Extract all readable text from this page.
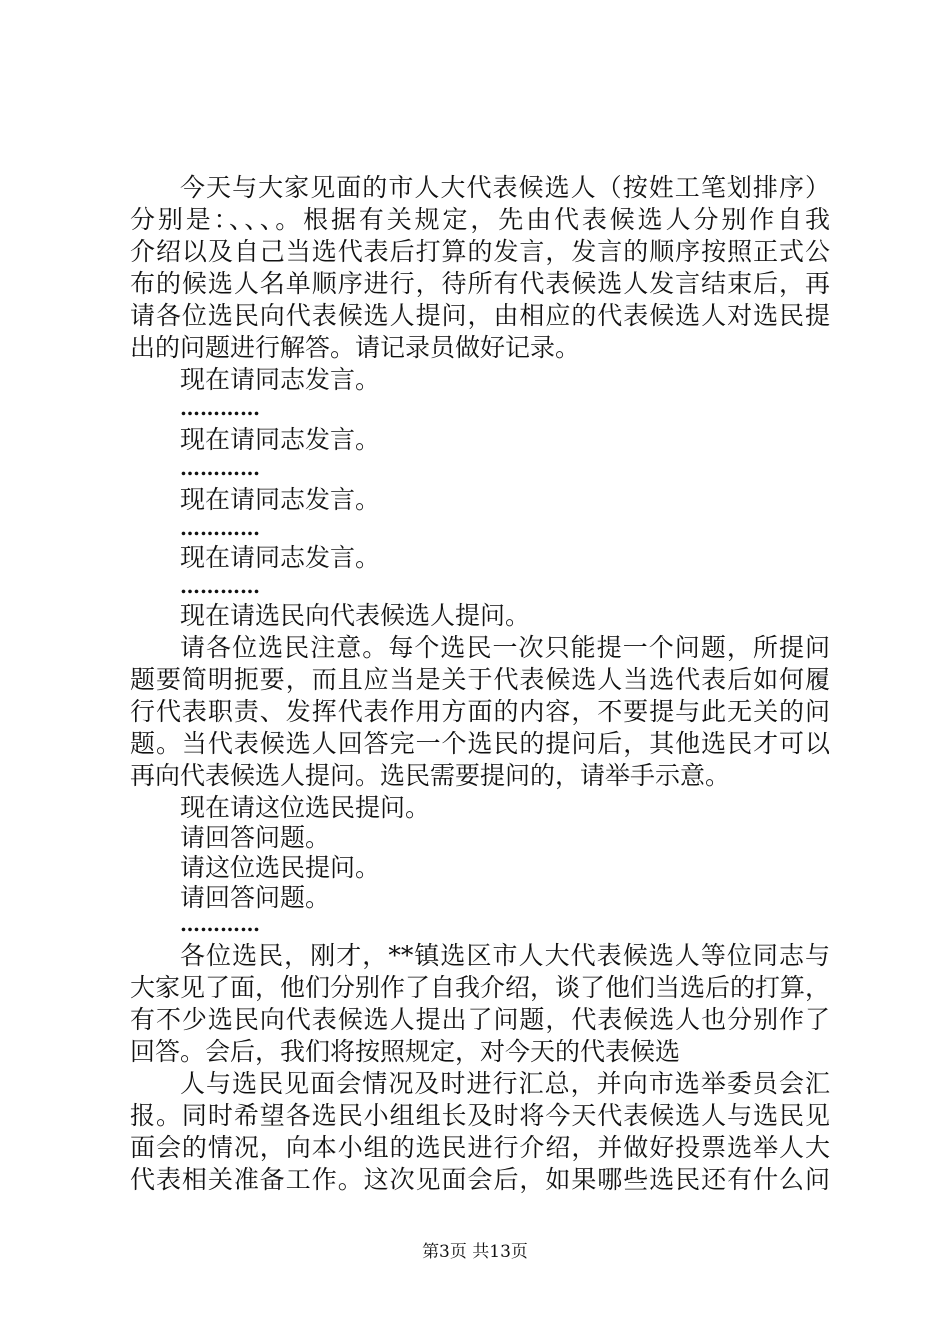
今天与大家见面的市人大代表候选人（按姓工笔划排序）
分别是：、、、。根据有关规定，先由代表候选人分别作自我
介绍以及自己当选代表后打算的发言，发言的顺序按照正式公
布的候选人名单顺序进行，待所有代表候选人发言结束后，再
请各位选民向代表候选人提问，由相应的代表候选人对选民提
出的问题进行解答。请记录员做好记录。
现在请同志发言。
…………
现在请同志发言。
…………
现在请同志发言。
…………
现在请同志发言。
…………
现在请选民向代表候选人提问。
请各位选民注意。每个选民一次只能提一个问题，所提问
题要简明扼要，而且应当是关于代表候选人当选代表后如何履
行代表职责、发挥代表作用方面的内容，不要提与此无关的问
题。当代表候选人回答完一个选民的提问后，其他选民才可以
再向代表候选人提问。选民需要提问的，请举手示意。
现在请这位选民提问。
请回答问题。
请这位选民提问。
请回答问题。
…………
各位选民，刚才，**镇选区市人大代表候选人等位同志与
大家见了面，他们分别作了自我介绍，谈了他们当选后的打算，
有不少选民向代表候选人提出了问题，代表候选人也分别作了
回答。会后，我们将按照规定，对今天的代表候选
人与选民见面会情况及时进行汇总，并向市选举委员会汇
报。同时希望各选民小组组长及时将今天代表候选人与选民见
面会的情况，向本小组的选民进行介绍，并做好投票选举人大
代表相关准备工作。这次见面会后，如果哪些选民还有什么问
第3页 共13页
